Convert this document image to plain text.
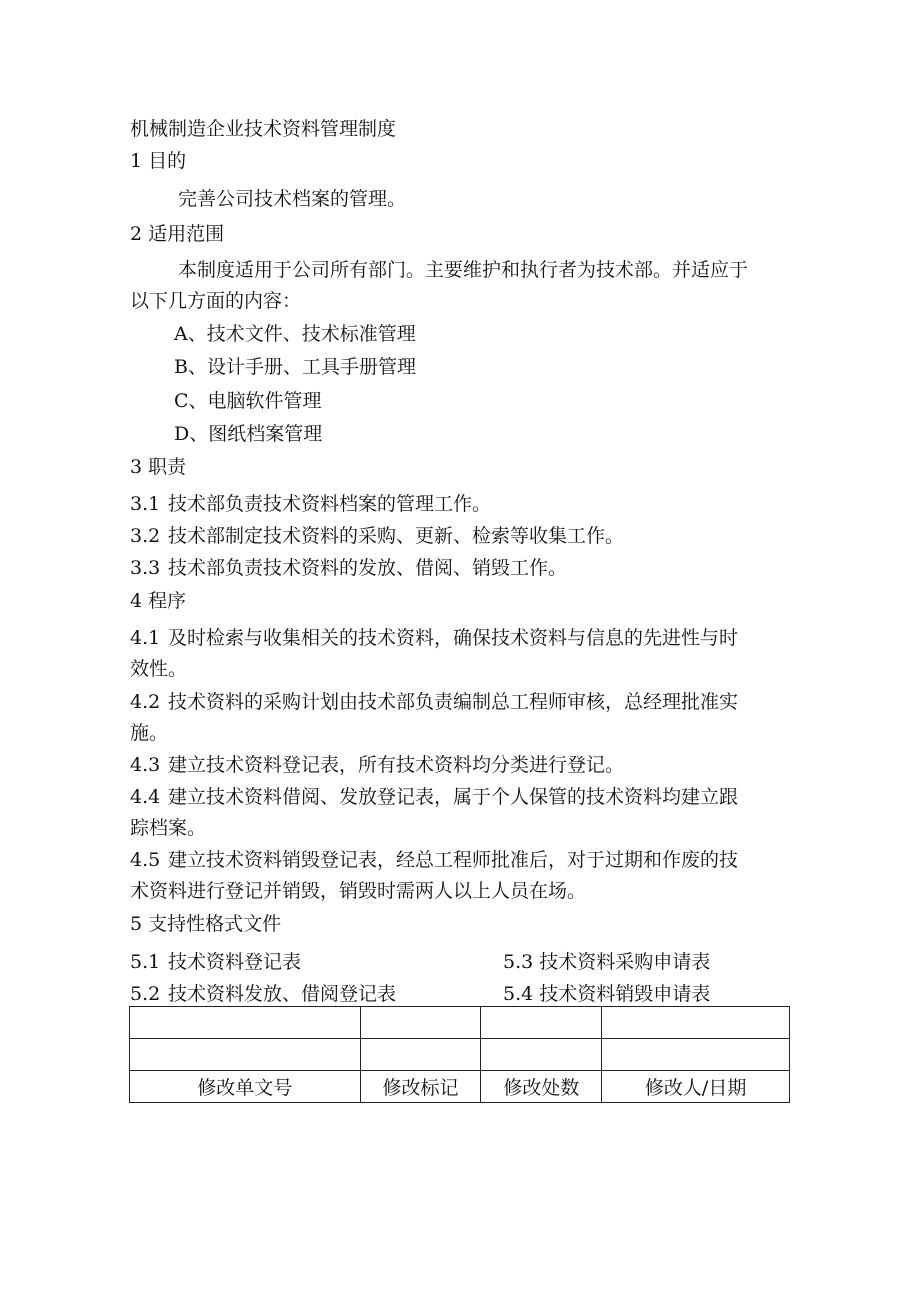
机械制造企业技术资料管理制度
1 目的
完善公司技术档案的管理。
2 适用范围
本制度适用于公司所有部门。主要维护和执行者为技术部。并适应于
以下几方面的内容：
A、技术文件、技术标准管理
B、设计手册、工具手册管理
C、电脑软件管理
D、图纸档案管理
3 职责
3.1 技术部负责技术资料档案的管理工作。
3.2 技术部制定技术资料的采购、更新、检索等收集工作。
3.3 技术部负责技术资料的发放、借阅、销毁工作。
4 程序
4.1 及时检索与收集相关的技术资料，确保技术资料与信息的先进性与时
效性。
4.2 技术资料的采购计划由技术部负责编制总工程师审核，总经理批准实
施。
4.3 建立技术资料登记表，所有技术资料均分类进行登记。
4.4 建立技术资料借阅、发放登记表，属于个人保管的技术资料均建立跟
踪档案。
4.5 建立技术资料销毁登记表，经总工程师批准后，对于过期和作废的技
术资料进行登记并销毁，销毁时需两人以上人员在场。
5 支持性格式文件
5.1 技术资料登记表	5.3 技术资料采购申请表
5.2 技术资料发放、借阅登记表	5.4 技术资料销毁申请表

修改单文号	修改标记	修改处数	修改人/日期
